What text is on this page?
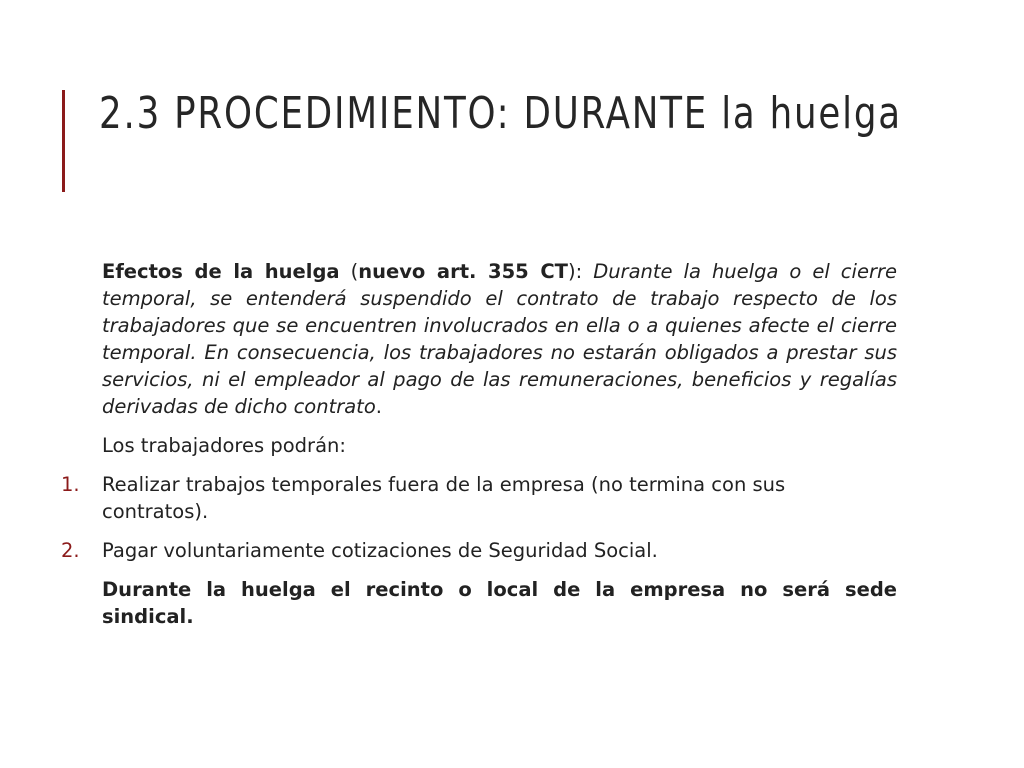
2.3 PROCEDIMIENTO: DURANTE la huelga

Efectos de la huelga (nuevo art. 355 CT): Durante la huelga o el cierre temporal, se entenderá suspendido el contrato de trabajo respecto de los trabajadores que se encuentren involucrados en ella o a quienes afecte el cierre temporal. En consecuencia, los trabajadores no estarán obligados a prestar sus servicios, ni el empleador al pago de las remuneraciones, beneficios y regalías derivadas de dicho contrato.

Los trabajadores podrán:

1. Realizar trabajos temporales fuera de la empresa (no termina con sus contratos).
2. Pagar voluntariamente cotizaciones de Seguridad Social.

Durante la huelga el recinto o local de la empresa no será sede sindical.
